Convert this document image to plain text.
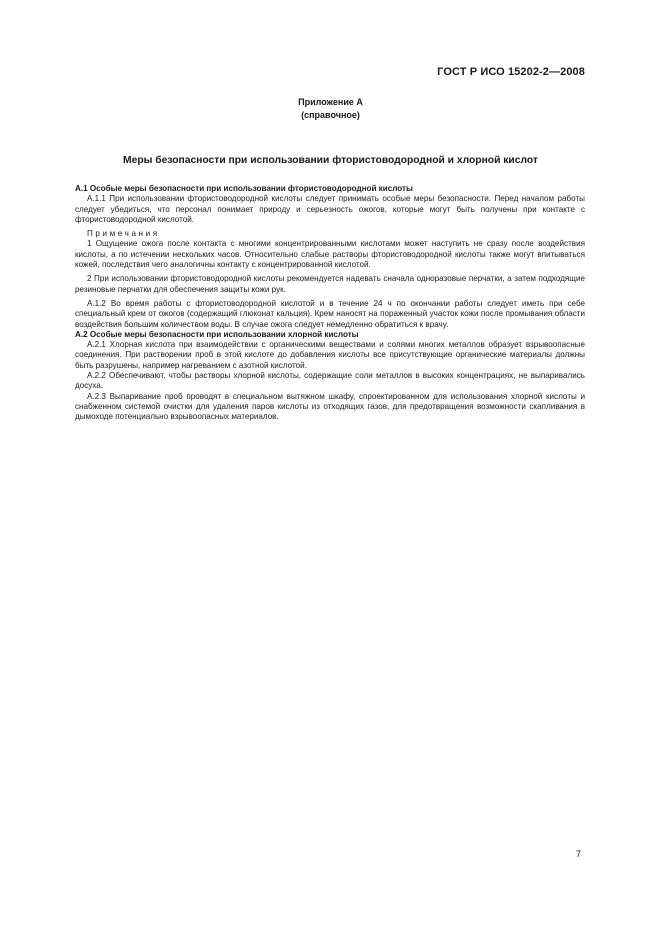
ГОСТ Р ИСО 15202-2—2008
Приложение А
(справочное)
Меры безопасности при использовании фтористоводородной и хлорной кислот

А.1 Особые меры безопасности при использовании фтористоводородной кислоты

А.1.1 При использовании фтористоводородной кислоты следует принимать особые меры безопасности. Перед началом работы следует убедиться, что персонал понимает природу и серьезность ожогов, которые могут быть получены при контакте с фтористоводородной кислотой.

Примечания

1 Ощущение ожога после контакта с многими концентрированными кислотами может наступить не сразу после воздействия кислоты, а по истечении нескольких часов. Относительно слабые растворы фтористоводородной кислоты также могут впитываться кожей, последствия чего аналогичны контакту с концентрированной кислотой.

2 При использовании фтористоводородной кислоты рекомендуется надевать сначала одноразовые перчатки, а затем подходящие резиновые перчатки для обеспечения защиты кожи рук.

А.1.2 Во время работы с фтористоводородной кислотой и в течение 24 ч по окончании работы следует иметь при себе специальный крем от ожогов (содержащий глюконат кальция). Крем наносят на пораженный участок кожи после промывания области воздействия большим количеством воды. В случае ожога следует немедленно обратиться к врачу.

А.2 Особые меры безопасности при использовании хлорной кислоты

А.2.1 Хлорная кислота при взаимодействии с органическими веществами и солями многих металлов образует взрывоопасные соединения. При растворении проб в этой кислоте до добавления кислоты все присутствующие органические материалы должны быть разрушены, например нагреванием с азотной кислотой.

А.2.2 Обеспечивают, чтобы растворы хлорной кислоты, содержащие соли металлов в высоких концентрациях, не выпаривались досуха.

А.2.3 Выпаривание проб проводят в специальном вытяжном шкафу, спроектированном для использования хлорной кислоты и снабженном системой очистки для удаления паров кислоты из отходящих газов, для предотвращения возможности скапливания в дымоходе потенциально взрывоопасных материалов.

7
